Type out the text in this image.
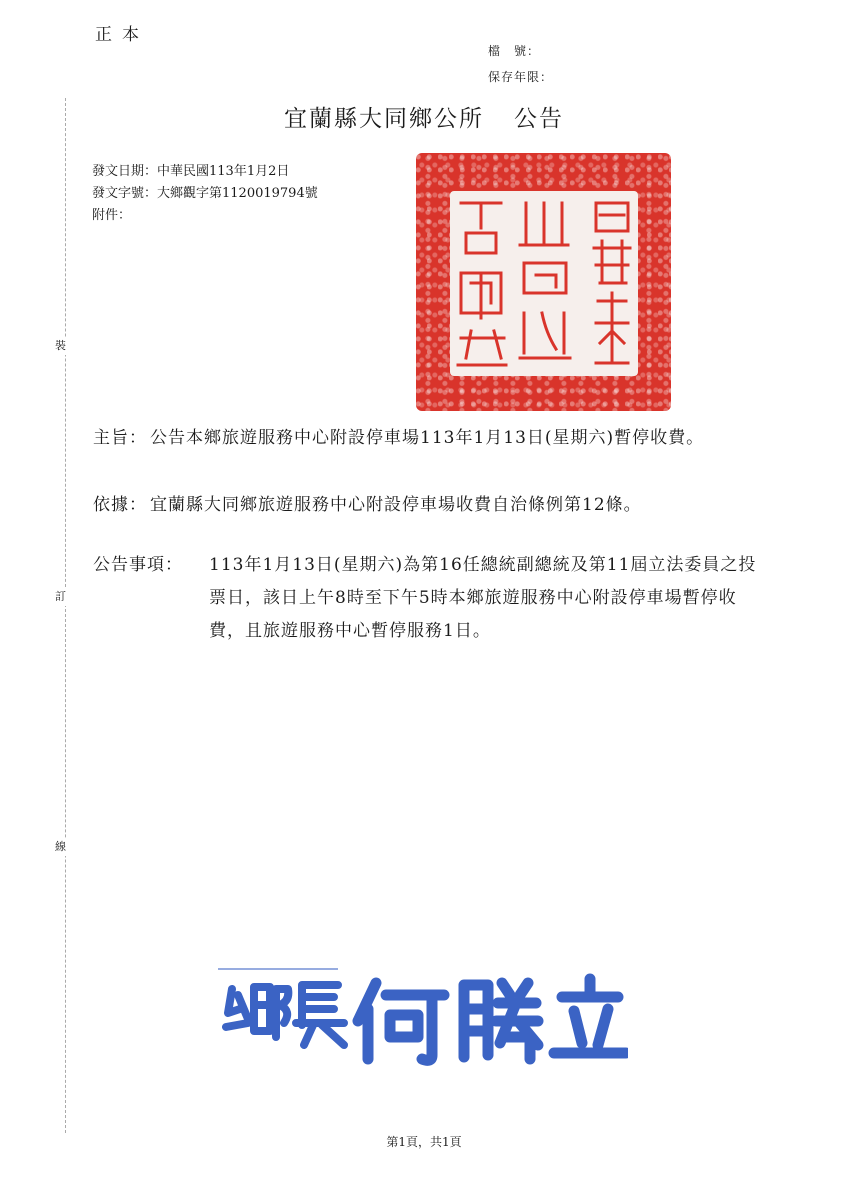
正本
檔　號：
保存年限：
裝
訂
線
宜蘭縣大同鄉公所 公告
發文日期：中華民國113年1月2日
發文字號：大鄉觀字第1120019794號
附件：
主旨： 公告本鄉旅遊服務中心附設停車場113年1月13日(星期六)暫停收費。
依據： 宜蘭縣大同鄉旅遊服務中心附設停車場收費自治條例第12條。
公告事項： 113年1月13日(星期六)為第16任總統副總統及第11屆立法委員之投票日，該日上午8時至下午5時本鄉旅遊服務中心附設停車場暫停收費，且旅遊服務中心暫停服務1日。
第1頁，共1頁
